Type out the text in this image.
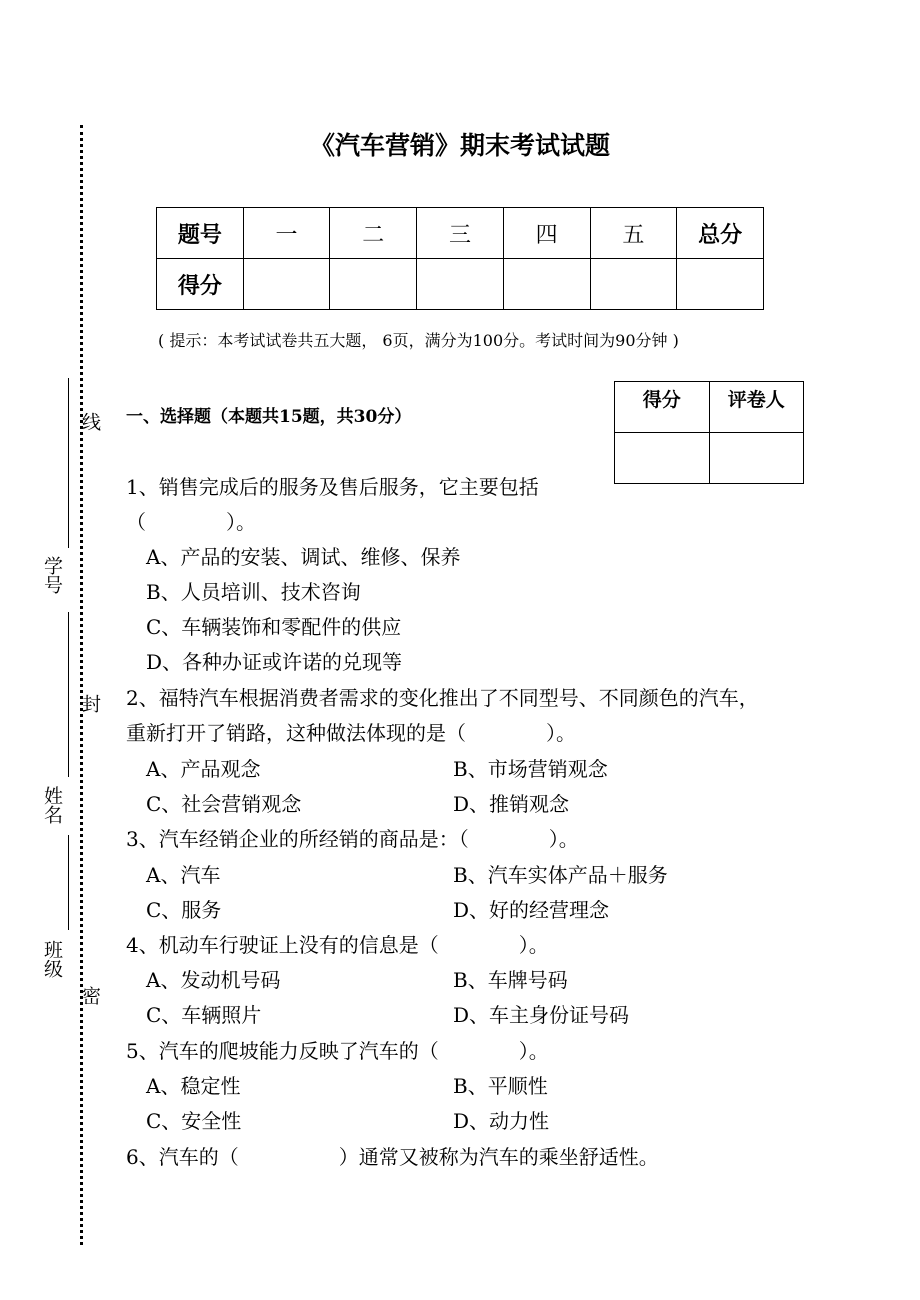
线
学号
封
姓名
班级
密
《汽车营销》期末考试试题
题号	一	二	三	四	五	总分
得分						
( 提示：本考试试卷共五大题， 6页，满分为100分。考试时间为90分钟 )
得分	评卷人

一、选择题（本题共15题，共30分）
1、销售完成后的服务及售后服务，它主要包括
（　　　　）。
A、产品的安装、调试、维修、保养
B、人员培训、技术咨询
C、车辆装饰和零配件的供应
D、各种办证或许诺的兑现等
2、福特汽车根据消费者需求的变化推出了不同型号、不同颜色的汽车，
重新打开了销路，这种做法体现的是（　　　　）。
A、产品观念	B、市场营销观念
C、社会营销观念	D、推销观念
3、汽车经销企业的所经销的商品是：（　　　　）。
A、汽车	B、汽车实体产品＋服务
C、服务	D、好的经营理念
4、机动车行驶证上没有的信息是（　　　　）。
A、发动机号码	B、车牌号码
C、车辆照片	D、车主身份证号码
5、汽车的爬坡能力反映了汽车的（　　　　）。
A、稳定性	B、平顺性
C、安全性	D、动力性
6、汽车的（　　　　　）通常又被称为汽车的乘坐舒适性。
